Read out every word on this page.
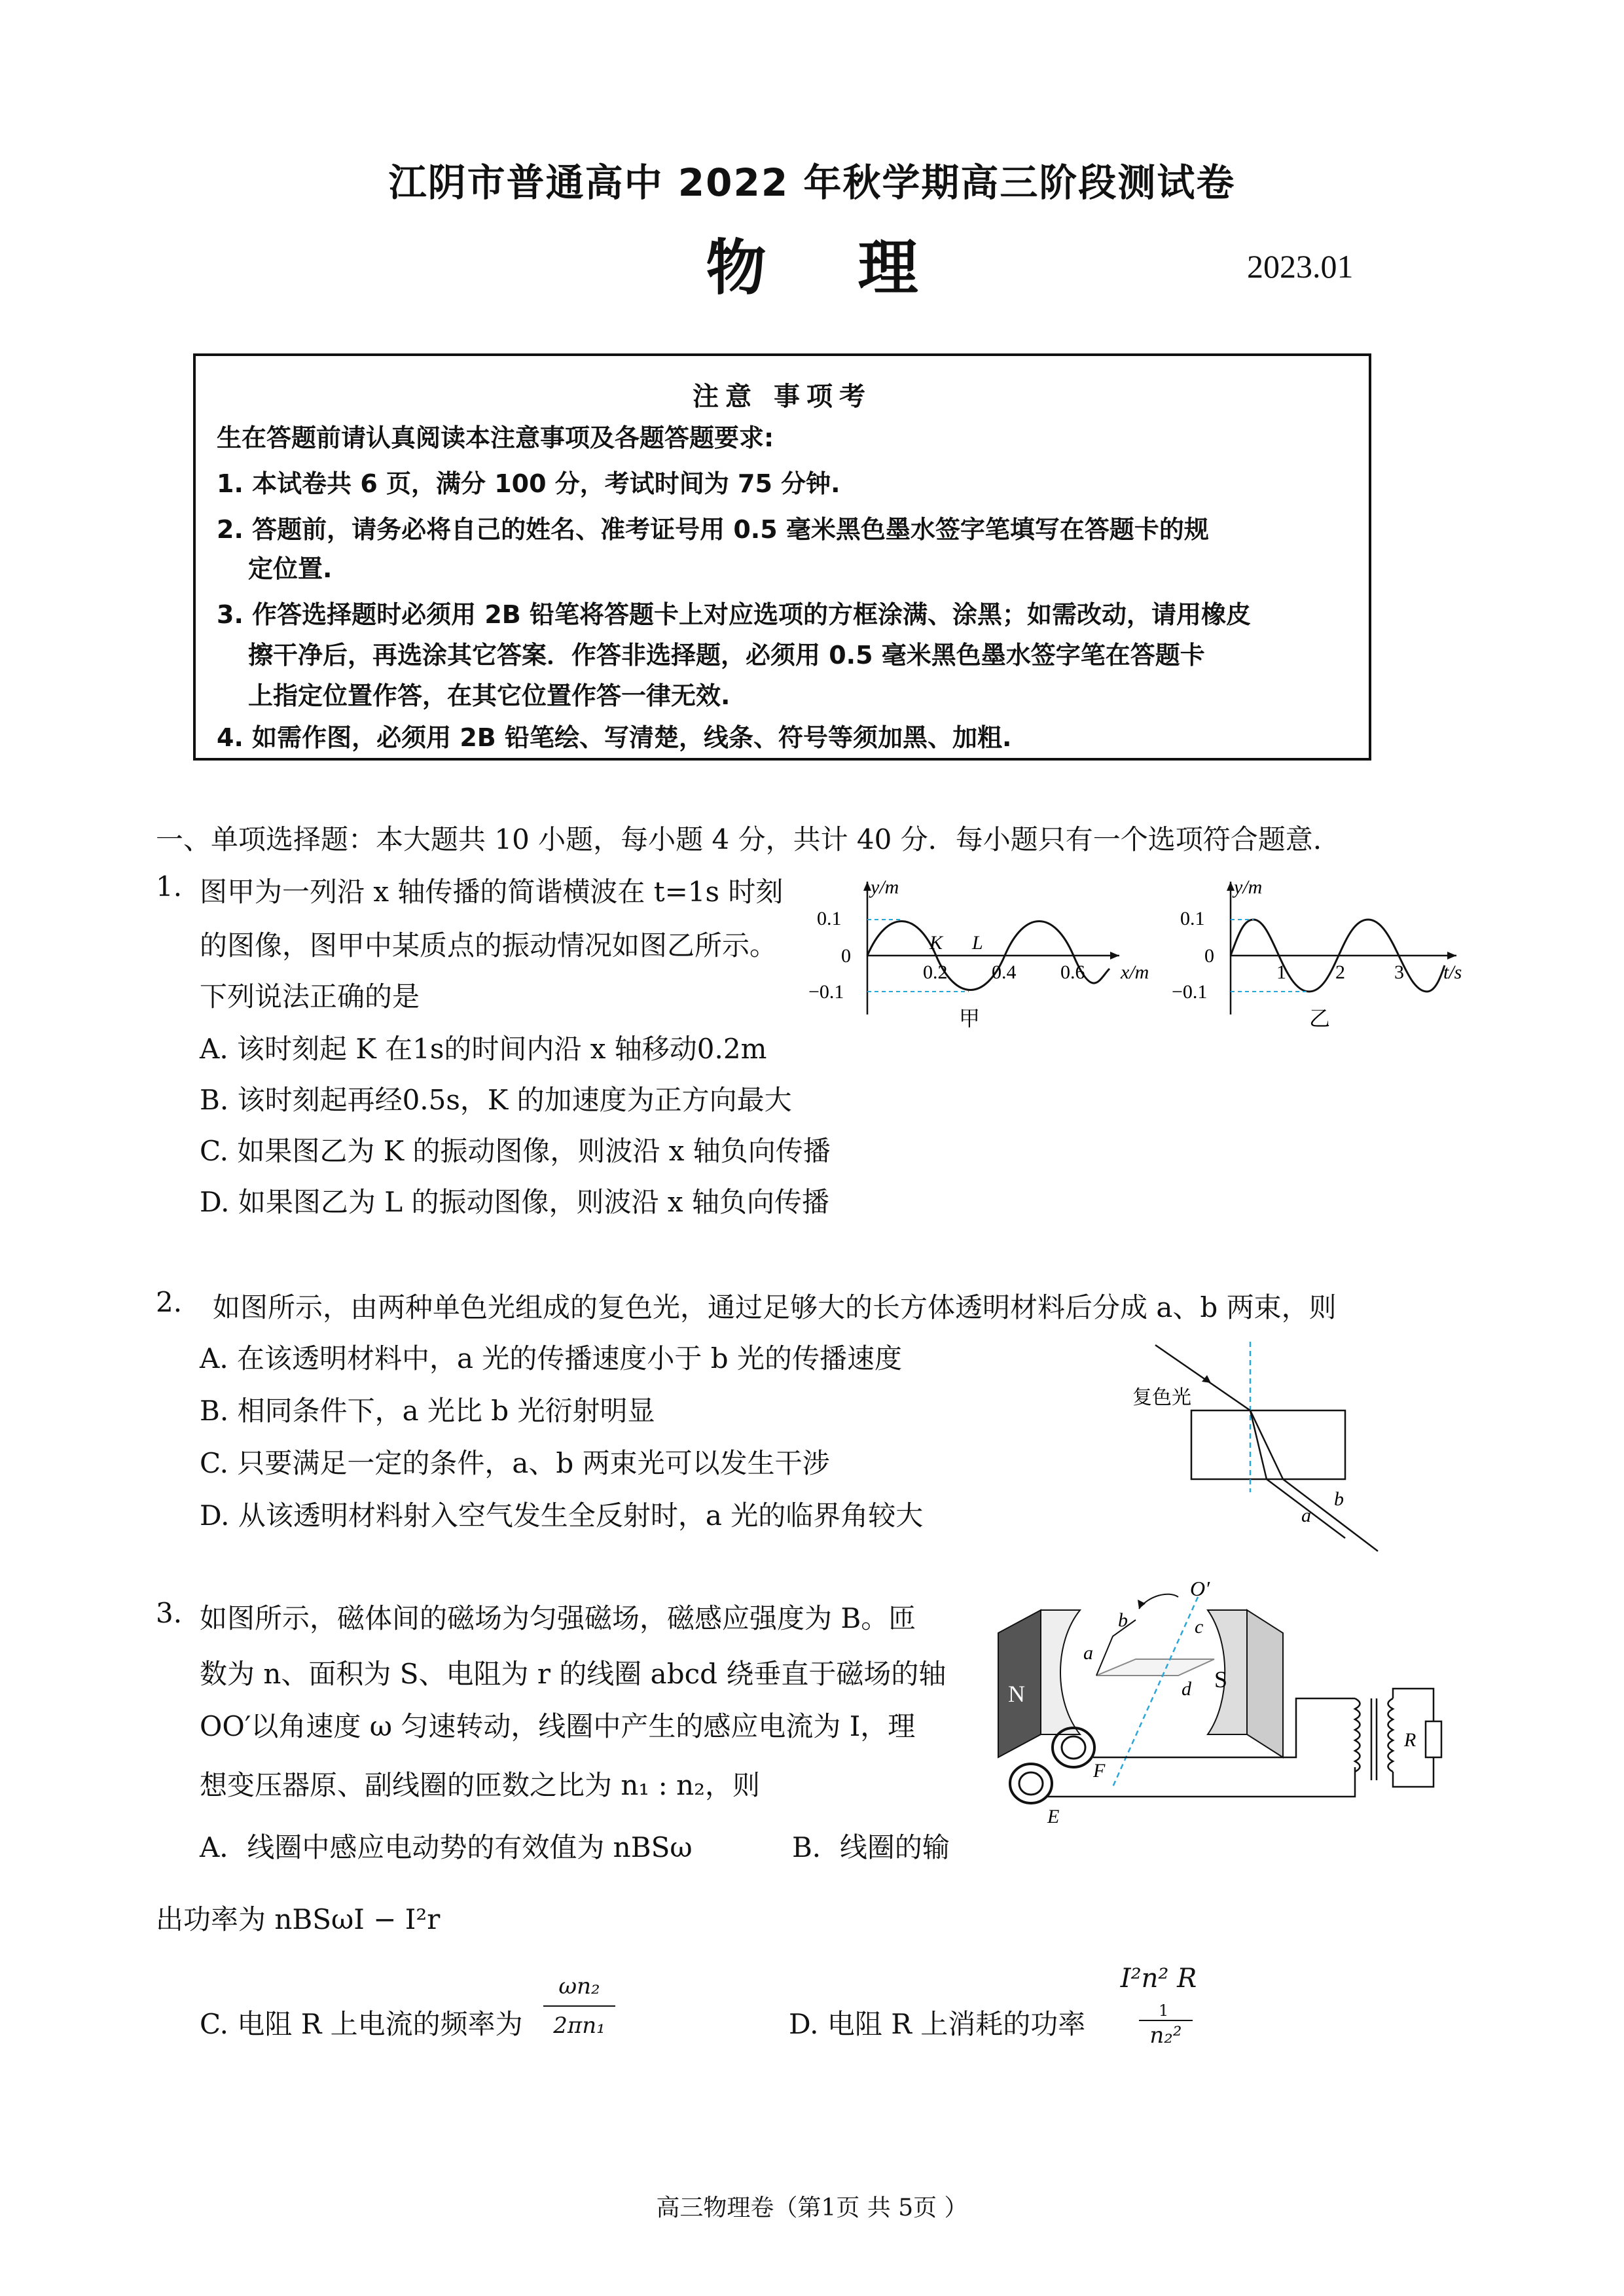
江阴市普通高中 2022 年秋学期高三阶段测试卷
物理	2023.01
注意 事项考
生在答题前请认真阅读本注意事项及各题答题要求:
1. 本试卷共 6 页，满分 100 分，考试时间为 75 分钟.
2. 答题前，请务必将自己的姓名、准考证号用 0.5 毫米黑色墨水签字笔填写在答题卡的规
定位置.
3. 作答选择题时必须用 2B 铅笔将答题卡上对应选项的方框涂满、涂黑；如需改动，请用橡皮
擦干净后，再选涂其它答案．作答非选择题，必须用 0.5 毫米黑色墨水签字笔在答题卡
上指定位置作答，在其它位置作答一律无效.
4. 如需作图，必须用 2B 铅笔绘、写清楚，线条、符号等须加黑、加粗.
一、单项选择题：本大题共 10 小题，每小题 4 分，共计 40 分．每小题只有一个选项符合题意.
1. 图甲为一列沿 x 轴传播的简谐横波在 t=1s 时刻
的图像，图甲中某质点的振动情况如图乙所示。
下列说法正确的是
A. 该时刻起 K 在1s的时间内沿 x 轴移动0.2m
B. 该时刻起再经0.5s，K 的加速度为正方向最大
C. 如果图乙为 K 的振动图像，则波沿 x 轴负向传播
D. 如果图乙为 L 的振动图像，则波沿 x 轴负向传播
0.1
0
−0.1
y/m
x/m
0.2 0.4 0.6
K L
甲
0.1
0
−0.1
y/m
t/s
1	2	3
乙
2. 如图所示，由两种单色光组成的复色光，通过足够大的长方体透明材料后分成 a、b 两束，则
A. 在该透明材料中，a 光的传播速度小于 b 光的传播速度
B. 相同条件下，a 光比 b 光衍射明显
C. 只要满足一定的条件，a、b 两束光可以发生干涉
D. 从该透明材料射入空气发生全反射时，a 光的临界角较大
复色光
a
b
3. 如图所示，磁体间的磁场为匀强磁场，磁感应强度为 B。匝
数为 n、面积为 S、电阻为 r 的线圈 abcd 绕垂直于磁场的轴
OO′以角速度 ω 匀速转动，线圈中产生的感应电流为 I，理
想变压器原、副线圈的匝数之比为 n₁ : n₂，则
A．线圈中感应电动势的有效值为 nBSω	B．线圈的输
出功率为 nBSωI − I²r
C. 电阻 R 上电流的频率为
ωn₂
2πn₁	D. 电阻 R 上消耗的功率
I²n² R
1
n₂²
N
S
O′
b	c
a
d
F
E
R
高三物理卷（第1页 共 5页 ）
